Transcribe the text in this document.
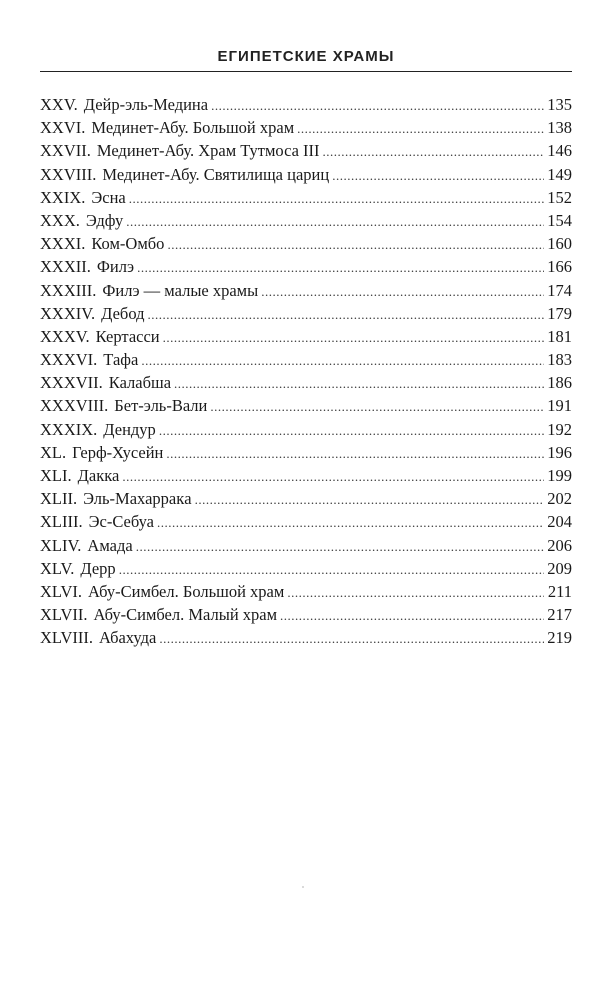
ЕГИПЕТСКИЕ ХРАМЫ
XXV. Дейр-эль-Медина .....	135
XXVI. Мединет-Абу. Большой храм .....	138
XXVII. Мединет-Абу. Храм Тутмоса III .....	146
XXVIII. Мединет-Абу. Святилища цариц .....	149
XXIX. Эсна .....	152
XXX. Эдфу .....	154
XXXI. Ком-Омбо .....	160
XXXII. Филэ .....	166
XXXIII. Филэ — малые храмы .....	174
XXXIV. Дебод .....	179
XXXV. Кертасси .....	181
XXXVI. Тафа .....	183
XXXVII. Калабша .....	186
XXXVIII. Бет-эль-Вали .....	191
XXXIX. Дендур .....	192
XL. Герф-Хусейн .....	196
XLI. Дакка .....	199
XLII. Эль-Махарракa .....	202
XLIII. Эс-Себуа .....	204
XLIV. Амада .....	206
XLV. Дерр .....	209
XLVI. Абу-Симбел. Большой храм .....	211
XLVII. Абу-Симбел. Малый храм .....	217
XLVIII. Абахуда .....	219
